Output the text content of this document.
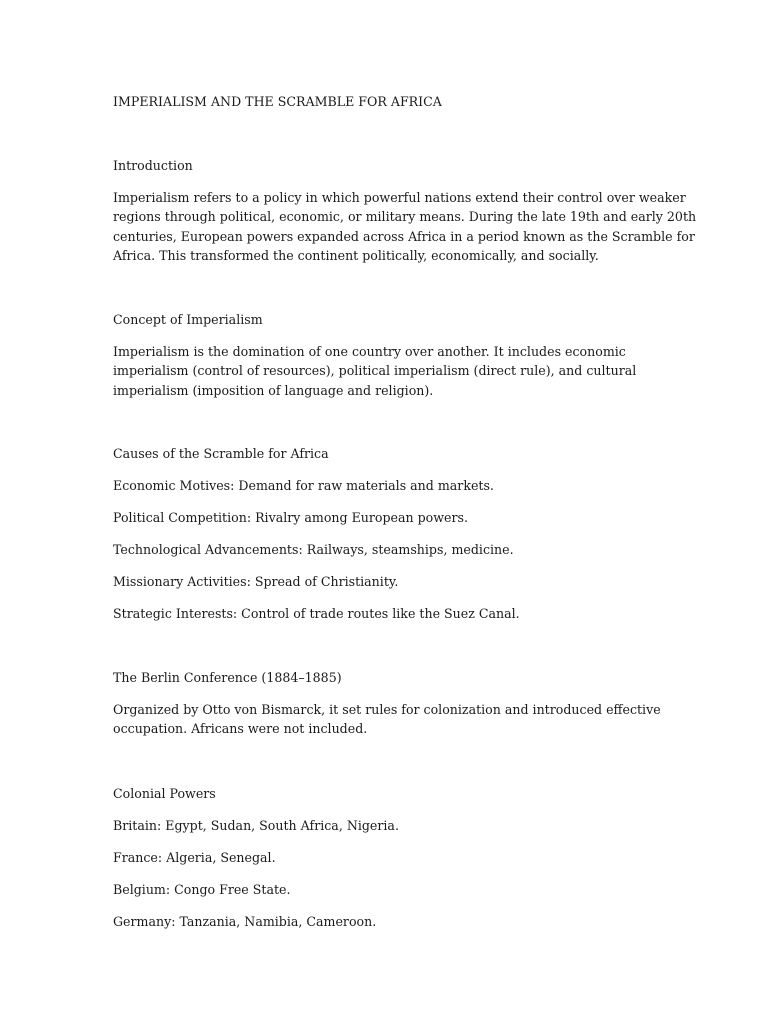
IMPERIALISM AND THE SCRAMBLE FOR AFRICA

Introduction

Imperialism refers to a policy in which powerful nations extend their control over weaker
regions through political, economic, or military means. During the late 19th and early 20th
centuries, European powers expanded across Africa in a period known as the Scramble for
Africa. This transformed the continent politically, economically, and socially.

Concept of Imperialism

Imperialism is the domination of one country over another. It includes economic
imperialism (control of resources), political imperialism (direct rule), and cultural
imperialism (imposition of language and religion).

Causes of the Scramble for Africa

Economic Motives: Demand for raw materials and markets.

Political Competition: Rivalry among European powers.

Technological Advancements: Railways, steamships, medicine.

Missionary Activities: Spread of Christianity.

Strategic Interests: Control of trade routes like the Suez Canal.

The Berlin Conference (1884–1885)

Organized by Otto von Bismarck, it set rules for colonization and introduced effective
occupation. Africans were not included.

Colonial Powers

Britain: Egypt, Sudan, South Africa, Nigeria.

France: Algeria, Senegal.

Belgium: Congo Free State.

Germany: Tanzania, Namibia, Cameroon.
